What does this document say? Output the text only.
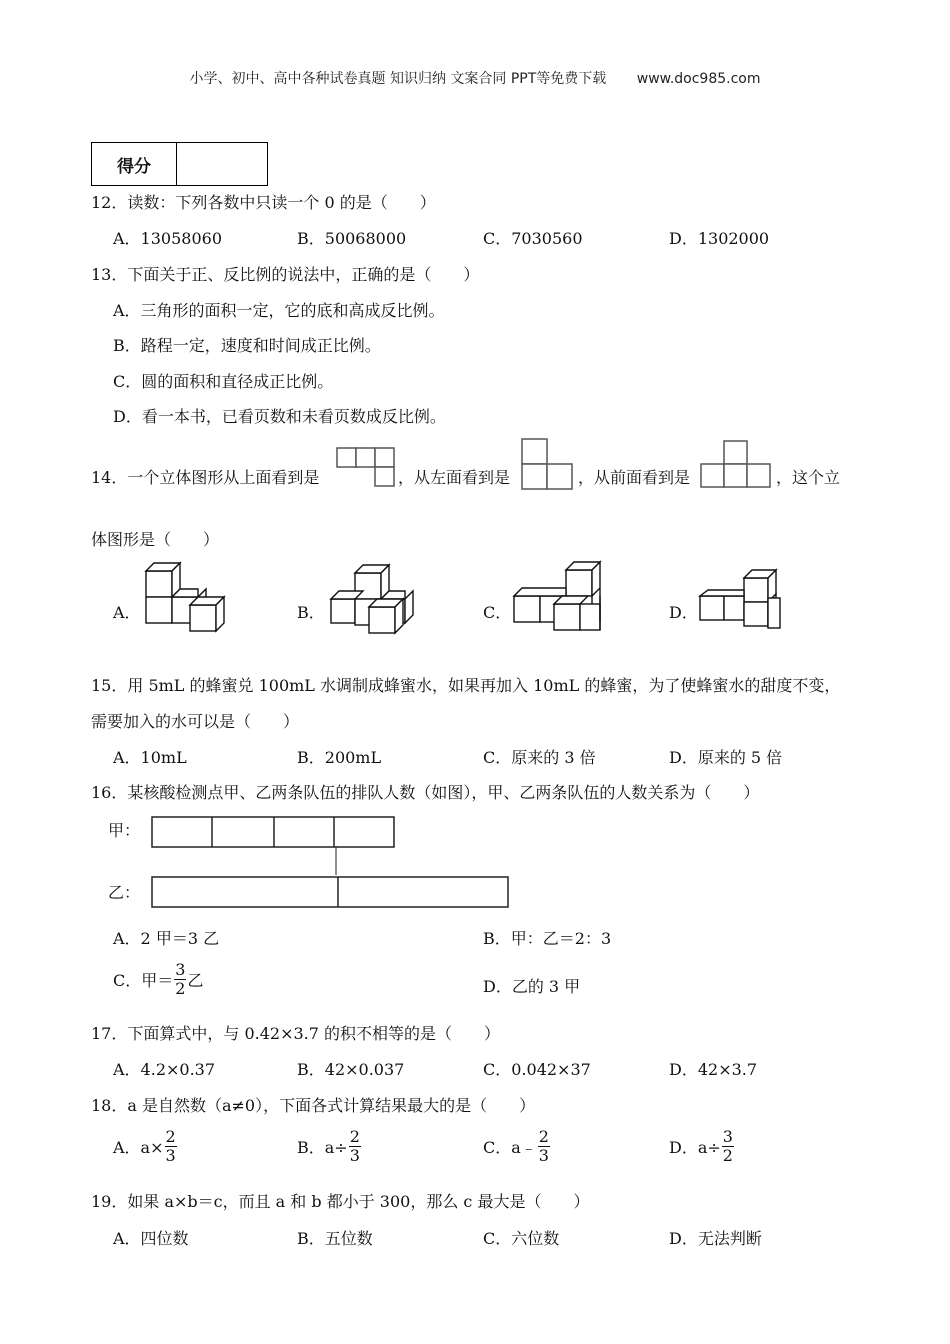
小学、初中、高中各种试卷真题 知识归纳 文案合同 PPT等免费下载 www.doc985.com
得分	
12．读数：下列各数中只读一个 0 的是（　　）
A．13058060	B．50068000	C．7030560	D．1302000
13．下面关于正、反比例的说法中，正确的是（　　）
A．三角形的面积一定，它的底和高成反比例。
B．路程一定，速度和时间成正比例。
C．圆的面积和直径成正比例。
D．看一本书，已看页数和未看页数成反比例。
14．一个立体图形从上面看到是	，从左面看到是	，从前面看到是	，这个立
体图形是（　　）
A．	B．	C．	D．
15．用 5mL 的蜂蜜兑 100mL 水调制成蜂蜜水，如果再加入 10mL 的蜂蜜，为了使蜂蜜水的甜度不变，
需要加入的水可以是（　　）
A．10mL	B．200mL	C．原来的 3 倍	D．原来的 5 倍
16．某核酸检测点甲、乙两条队伍的排队人数（如图），甲、乙两条队伍的人数关系为（　　）
甲：
乙：
A．2 甲＝3 乙	B．甲：乙＝2：3
C．甲＝ $\frac{3}{2}$ 乙	D．乙的 3 甲
17．下面算式中，与 0.42×3.7 的积不相等的是（　　）
A．4.2×0.37	B．42×0.037	C．0.042×37	D．42×3.7
18．a 是自然数（a≠0），下面各式计算结果最大的是（　　）
A．$a\times \frac{2}{3}$	B．$a\div \frac{2}{3}$	C．a﹣ $\frac{2}{3}$	D．$a\div \frac{3}{2}$
19．如果 a×b＝c，而且 a 和 b 都小于 300，那么 c 最大是（　　）
A．四位数	B．五位数	C．六位数	D．无法判断
